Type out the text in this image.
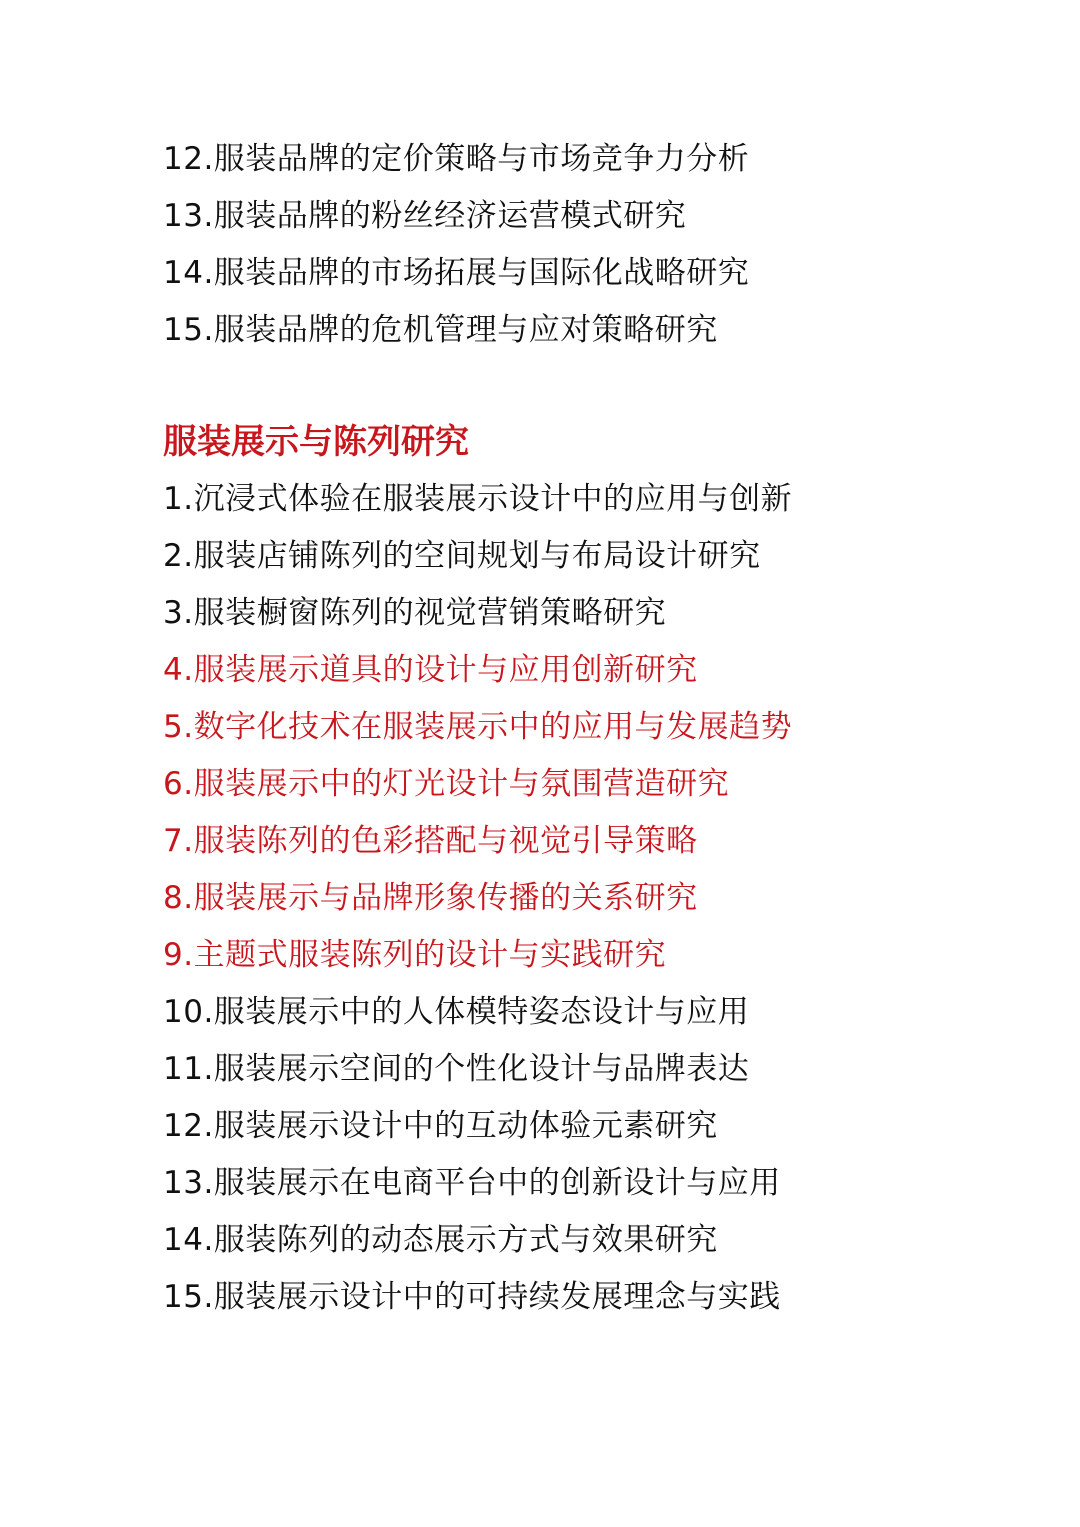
12.服装品牌的定价策略与市场竞争力分析
13.服装品牌的粉丝经济运营模式研究
14.服装品牌的市场拓展与国际化战略研究
15.服装品牌的危机管理与应对策略研究
服装展示与陈列研究
1.沉浸式体验在服装展示设计中的应用与创新
2.服装店铺陈列的空间规划与布局设计研究
3.服装橱窗陈列的视觉营销策略研究
4.服装展示道具的设计与应用创新研究
5.数字化技术在服装展示中的应用与发展趋势
6.服装展示中的灯光设计与氛围营造研究
7.服装陈列的色彩搭配与视觉引导策略
8.服装展示与品牌形象传播的关系研究
9.主题式服装陈列的设计与实践研究
10.服装展示中的人体模特姿态设计与应用
11.服装展示空间的个性化设计与品牌表达
12.服装展示设计中的互动体验元素研究
13.服装展示在电商平台中的创新设计与应用
14.服装陈列的动态展示方式与效果研究
15.服装展示设计中的可持续发展理念与实践
